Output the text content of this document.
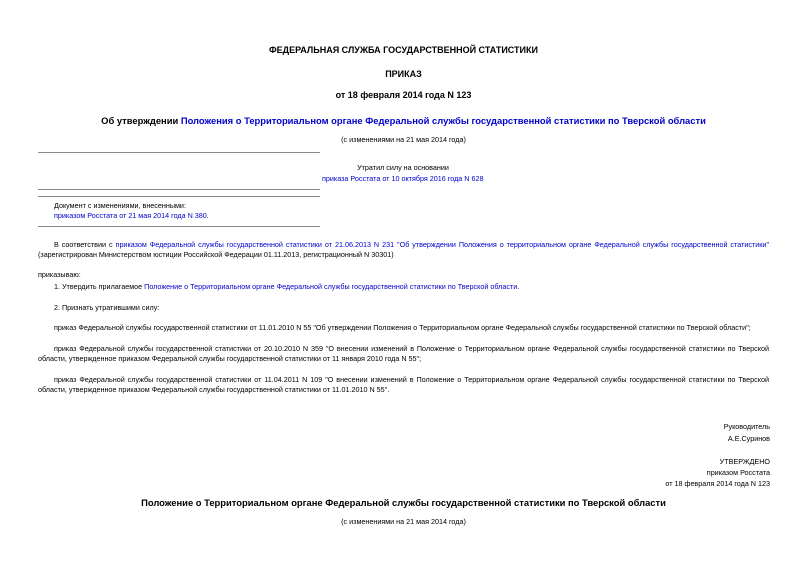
ФЕДЕРАЛЬНАЯ СЛУЖБА ГОСУДАРСТВЕННОЙ СТАТИСТИКИ
ПРИКАЗ
от 18 февраля 2014 года N 123
Об утверждении Положения о Территориальном органе Федеральной службы государственной статистики по Тверской области
(с изменениями на 21 мая 2014 года)
Утратил силу на основании
приказа Росстата от 10 октября 2016 года N 628
Документ с изменениями, внесенными:
приказом Росстата от 21 мая 2014 года N 380.
В соответствии с приказом Федеральной службы государственной статистики от 21.06.2013 N 231 "Об утверждении Положения о территориальном органе Федеральной службы государственной статистики" (зарегистрирован Министерством юстиции Российской Федерации 01.11.2013, регистрационный N 30301)
приказываю:
1. Утвердить прилагаемое Положение о Территориальном органе Федеральной службы государственной статистики по Тверской области.
2. Признать утратившими силу:
приказ Федеральной службы государственной статистики от 11.01.2010 N 55 "Об утверждении Положения о Территориальном органе Федеральной службы государственной статистики по Тверской области";
приказ Федеральной службы государственной статистики от 20.10.2010 N 359 "О внесении изменений в Положение о Территориальном органе Федеральной службы государственной статистики по Тверской области, утвержденное приказом Федеральной службы государственной статистики от 11 января 2010 года N 55";
приказ Федеральной службы государственной статистики от 11.04.2011 N 109 "О внесении изменений в Положение о Территориальном органе Федеральной службы государственной статистики по Тверской области, утвержденное приказом Федеральной службы государственной статистики от 11.01.2010 N 55".
Руководитель
А.Е.Суринов
УТВЕРЖДЕНО
приказом Росстата
от 18 февраля 2014 года N 123
Положение о Территориальном органе Федеральной службы государственной статистики по Тверской области
(с изменениями на 21 мая 2014 года)
